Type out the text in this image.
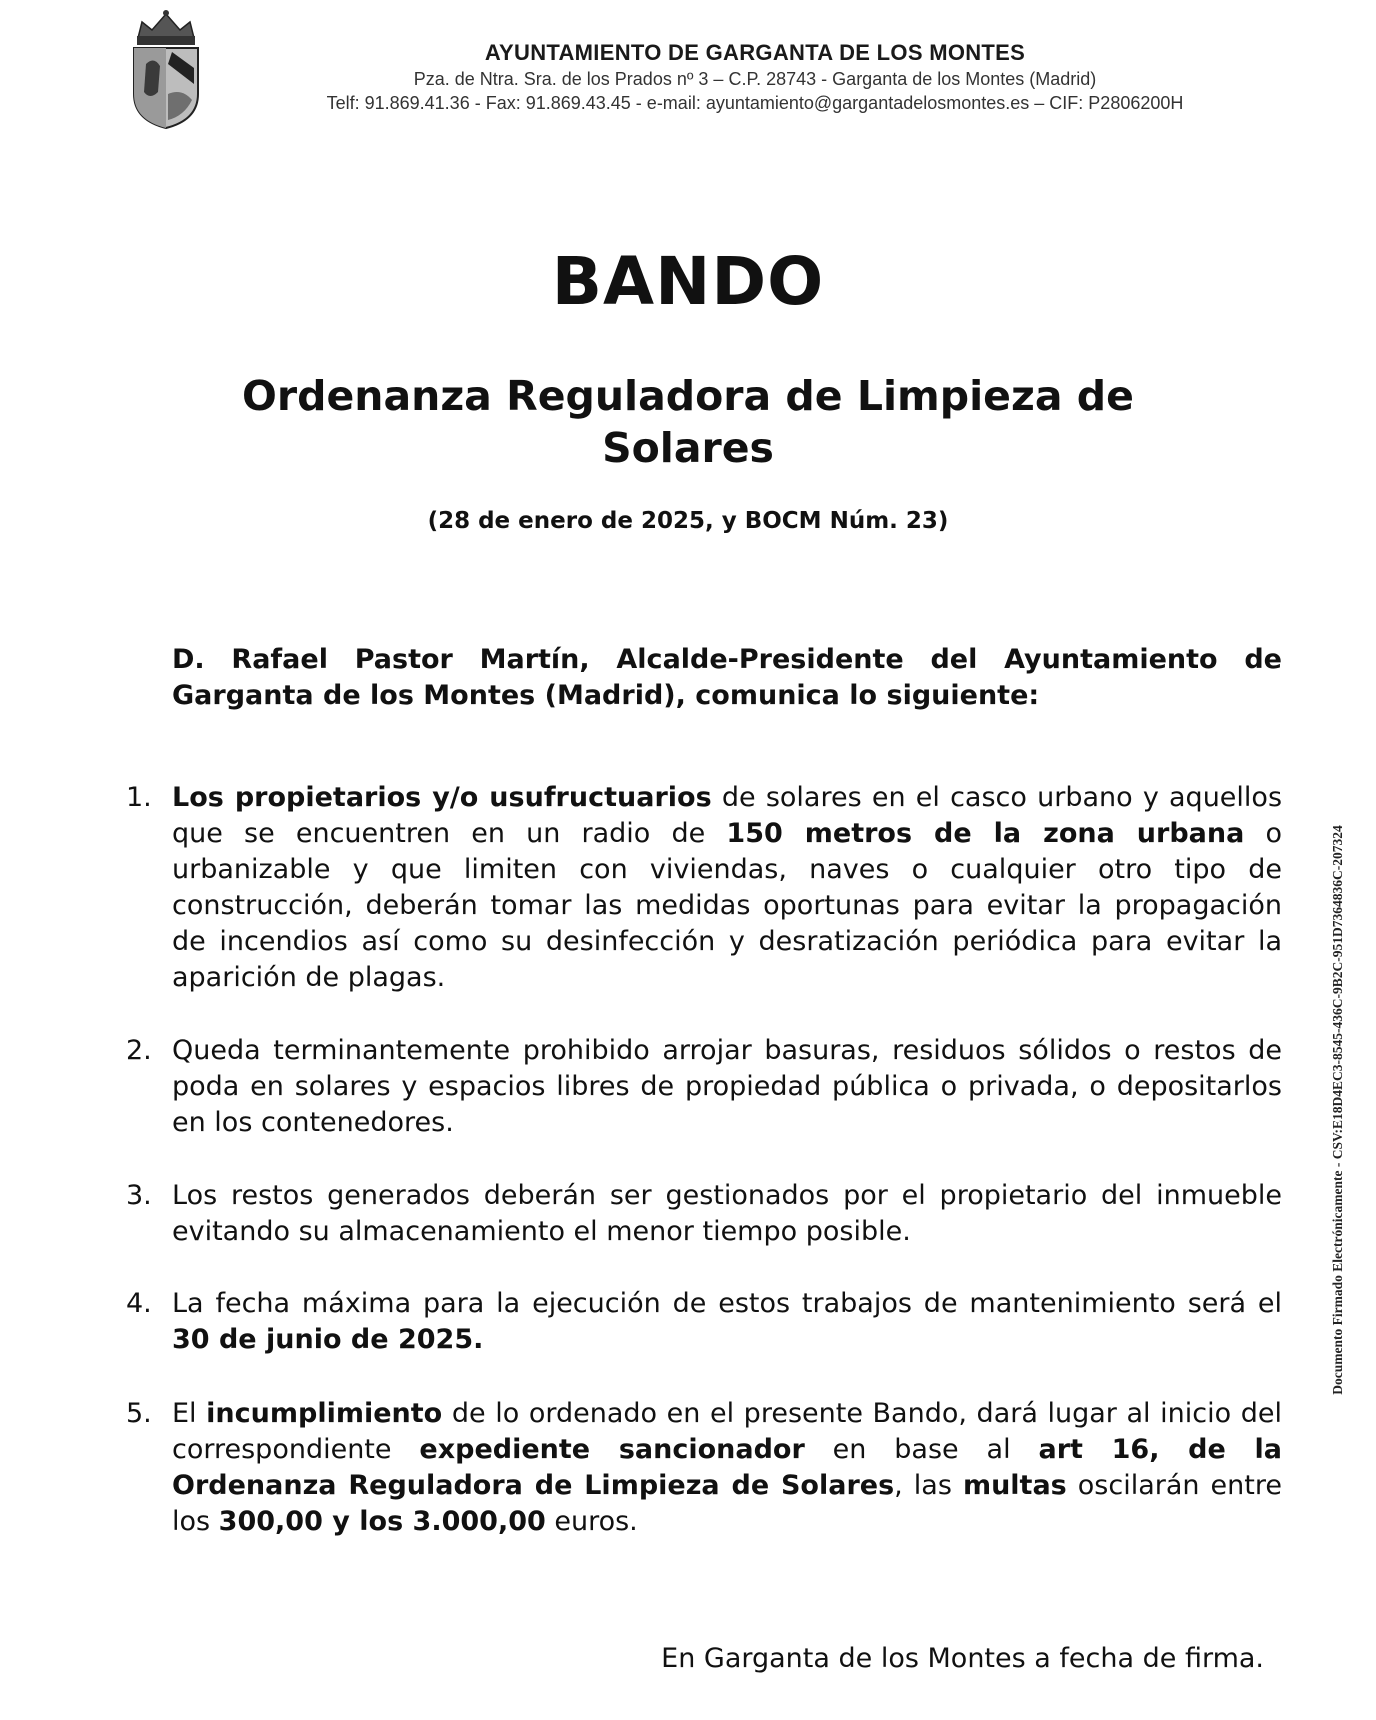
AYUNTAMIENTO DE GARGANTA DE LOS MONTES
Pza. de Ntra. Sra. de los Prados nº 3 – C.P. 28743 - Garganta de los Montes (Madrid)
Telf: 91.869.41.36 - Fax: 91.869.43.45 - e-mail: ayuntamiento@gargantadelosmontes.es – CIF: P2806200H
BANDO
Ordenanza Reguladora de Limpieza de Solares
(28 de enero de 2025, y BOCM Núm. 23)
D. Rafael Pastor Martín, Alcalde-Presidente del Ayuntamiento de Garganta de los Montes (Madrid), comunica lo siguiente:
1. Los propietarios y/o usufructuarios de solares en el casco urbano y aquellos que se encuentren en un radio de 150 metros de la zona urbana o urbanizable y que limiten con viviendas, naves o cualquier otro tipo de construcción, deberán tomar las medidas oportunas para evitar la propagación de incendios así como su desinfección y desratización periódica para evitar la aparición de plagas.
2. Queda terminantemente prohibido arrojar basuras, residuos sólidos o restos de poda en solares y espacios libres de propiedad pública o privada, o depositarlos en los contenedores.
3. Los restos generados deberán ser gestionados por el propietario del inmueble evitando su almacenamiento el menor tiempo posible.
4. La fecha máxima para la ejecución de estos trabajos de mantenimiento será el 30 de junio de 2025.
5. El incumplimiento de lo ordenado en el presente Bando, dará lugar al inicio del correspondiente expediente sancionador en base al art 16, de la Ordenanza Reguladora de Limpieza de Solares, las multas oscilarán entre los 300,00 y los 3.000,00 euros.
En Garganta de los Montes a fecha de firma.
Documento Firmado Electrónicamente - CSV:E18D4EC3-8545-436C-9B2C-951D7364836C-207324
